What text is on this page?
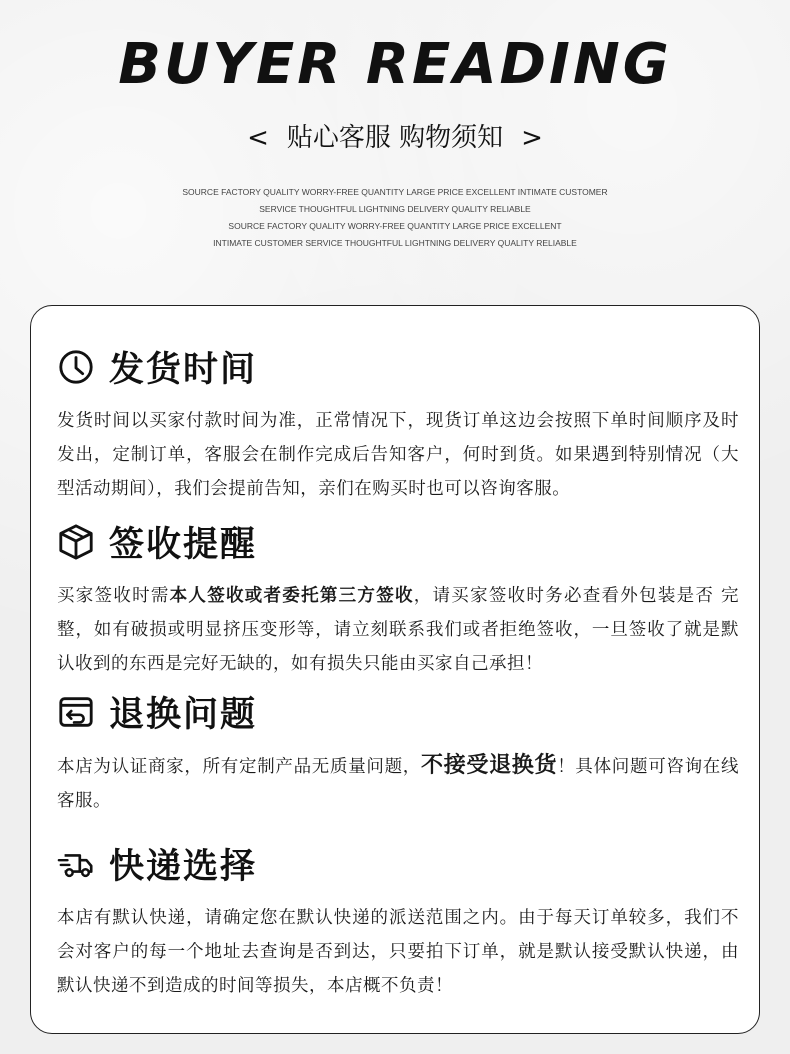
BUYER READING
< 贴心客服 购物须知 >
SOURCE FACTORY QUALITY WORRY-FREE QUANTITY LARGE PRICE EXCELLENT INTIMATE CUSTOMER
SERVICE THOUGHTFUL LIGHTNING DELIVERY QUALITY RELIABLE
SOURCE FACTORY QUALITY WORRY-FREE QUANTITY LARGE PRICE EXCELLENT
INTIMATE CUSTOMER SERVICE THOUGHTFUL LIGHTNING DELIVERY QUALITY RELIABLE
发货时间
发货时间以买家付款时间为准，正常情况下，现货订单这边会按照下单时间顺序及时发出，定制订单，客服会在制作完成后告知客户，何时到货。如果遇到特别情况（大型活动期间），我们会提前告知，亲们在购买时也可以咨询客服。
签收提醒
买家签收时需本人签收或者委托第三方签收，请买家签收时务必查看外包装是否 完整，如有破损或明显挤压变形等，请立刻联系我们或者拒绝签收，一旦签收了就是默认收到的东西是完好无缺的，如有损失只能由买家自己承担！
退换问题
本店为认证商家，所有定制产品无质量问题，不接受退换货！具体问题可咨询在线客服。
快递选择
本店有默认快递，请确定您在默认快递的派送范围之内。由于每天订单较多，我们不会对客户的每一个地址去查询是否到达，只要拍下订单，就是默认接受默认快递，由默认快递不到造成的时间等损失，本店概不负责！
